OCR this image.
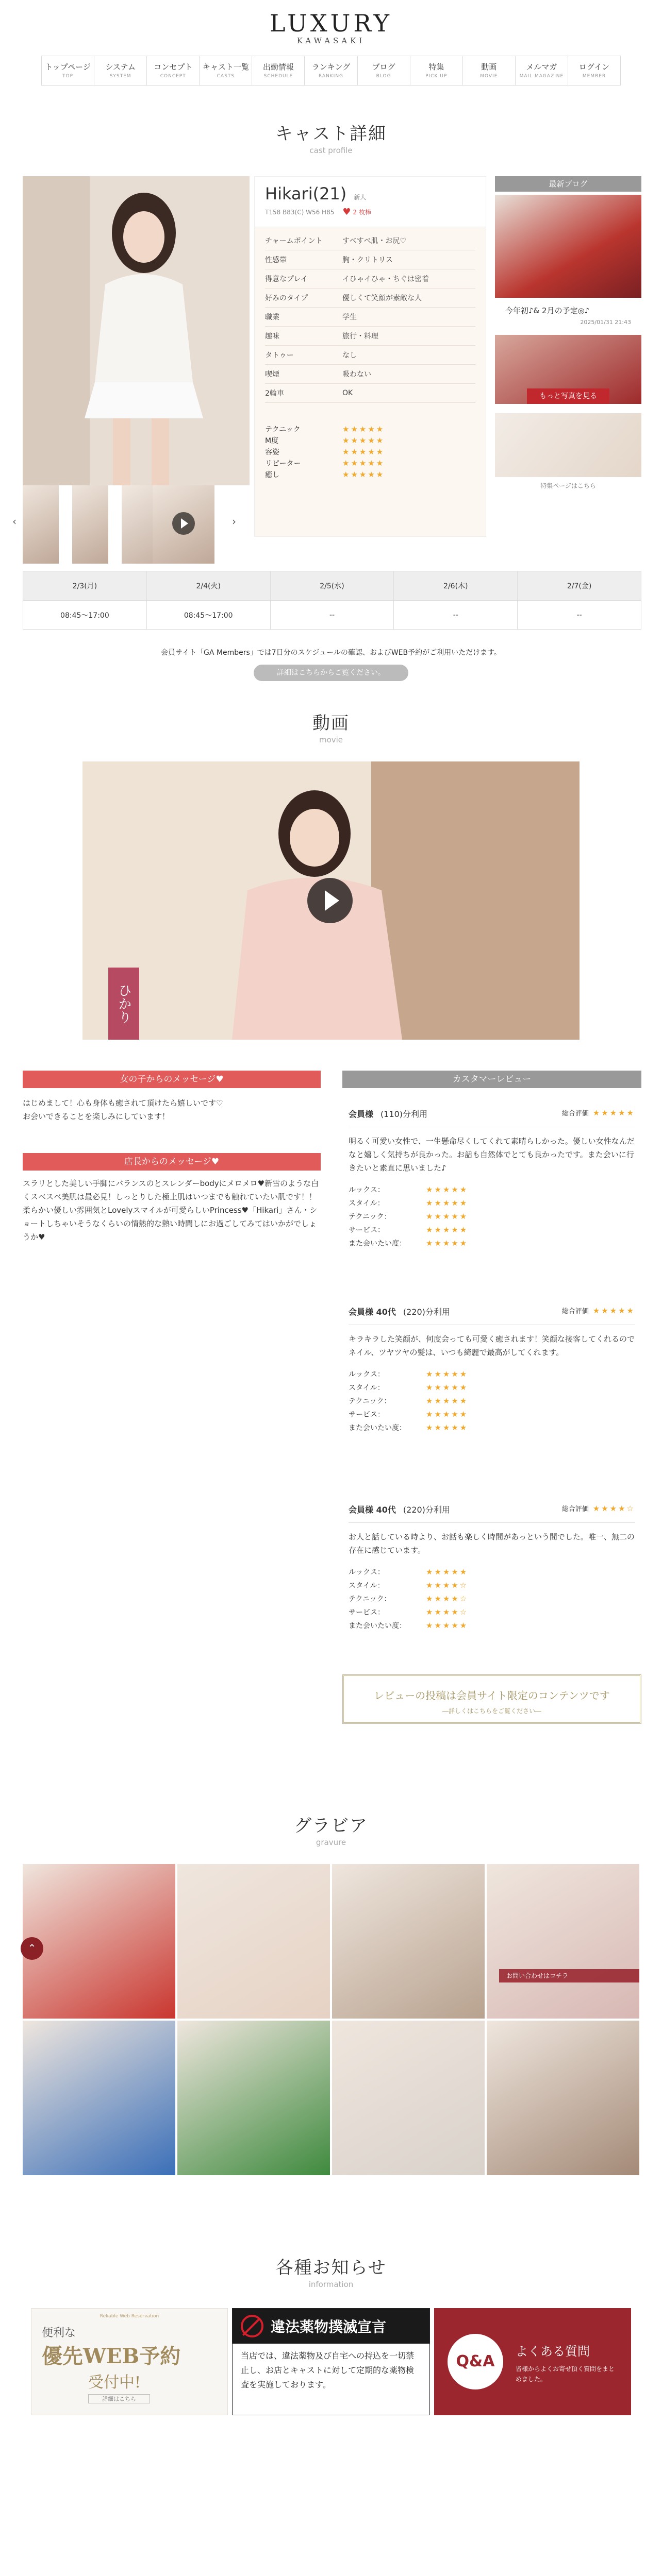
LUXURY
KAWASAKI
トップページ
TOP
システム
SYSTEM
コンセプト
CONCEPT
キャスト一覧
CASTS
出勤情報
SCHEDULE
ランキング
RANKING
ブログ
BLOG
特集
PICK UP
動画
MOVIE
メルマガ
MAIL MAGAZINE
ログイン
MEMBER
キャスト詳細
cast profile
‹	›
Hikari(21) 新人
T158 B83(C) W56 H85 ♥ 2 枚棒
チャームポイント	すべすべ肌・お尻♡
性感帯	胸・クリトリス
得意なプレイ	イひゃイひゃ・ちぐは密着
好みのタイプ	優しくて笑顔が素敵な人
職業	学生
趣味	旅行・料理
タトゥー	なし
喫煙	吸わない
2輪車	OK
テクニック	★★★★★
M度	★★★★★
容姿	★★★★★
リピーター	★★★★★
癒し	★★★★★
最新ブログ
今年初♪& 2月の予定◎♪
2025/01/31 21:43
もっと写真を見る
特集ページはこちら
2/3(月)	2/4(火)	2/5(水)	2/6(木)	2/7(金)
08:45〜17:00	08:45〜17:00	--	--	--
会員サイト「GA Members」では7日分のスケジュールの確認、およびWEB予約がご利用いただけます。
詳細はこちらからご覧ください。
動画
movie
ひかり
女の子からのメッセージ♥
はじめまして！心も身体も癒されて頂けたら嬉しいです♡
お会いできることを楽しみにしています！
店長からのメッセージ♥
スラリとした美しい手脚にバランスのとスレンダーbodyにメロメロ♥新雪のような白くスベスベ美肌は最必見！しっとりした極上肌はいつまでも触れていたい肌です！！
柔らかい優しい雰囲気とLovelyスマイルが可愛らしいPrincess♥「Hikari」さん・ショートしちゃいそうなくらいの情熱的な熱い時間しにお過ごしてみてはいかがでしょうか♥
カスタマーレビュー
会員様 (110)分利用	総合評価 ★★★★★
明るく可愛い女性で、一生懸命尽くしてくれて素晴らしかった。優しい女性なんだなと嬉しく気持ちが良かった。お話も自然体でとても良かったです。また会いに行きたいと素直に思いました♪
ルックス：	★★★★★
スタイル：	★★★★★
テクニック：	★★★★★
サービス：	★★★★★
また会いたい度：	★★★★★
会員様 40代 (220)分利用	総合評価 ★★★★★
キラキラした笑顔が、何度会っても可愛く癒されます！笑顔な接客してくれるのでネイル、ツヤツヤの髪は、いつも綺麗で最高がしてくれます。
ルックス：	★★★★★
スタイル：	★★★★★
テクニック：	★★★★★
サービス：	★★★★★
また会いたい度：	★★★★★
会員様 40代 (220)分利用	総合評価 ★★★★☆
お人と話している時より、お話も楽しく時間があっという間でした。唯一、無二の存在に感じています。
ルックス：	★★★★★
スタイル：	★★★★☆
テクニック：	★★★★☆
サービス：	★★★★☆
また会いたい度：	★★★★★
レビューの投稿は会員サイト限定のコンテンツです
―詳しくはこちらをご覧ください―
グラビア
gravure
⌃
お問い合わせはコチラ
各種お知らせ
information
Reliable Web Reservation
便利な
優先WEB予約
受付中!
詳細はこちら
違法薬物撲滅宣言
当店では、違法薬物及び自宅への持込を一切禁止し、お店とキャストに対して定期的な薬物検査を実施しております。
Q&A
よくある質問
皆様からよくお寄せ頂く質問をまとめました。
